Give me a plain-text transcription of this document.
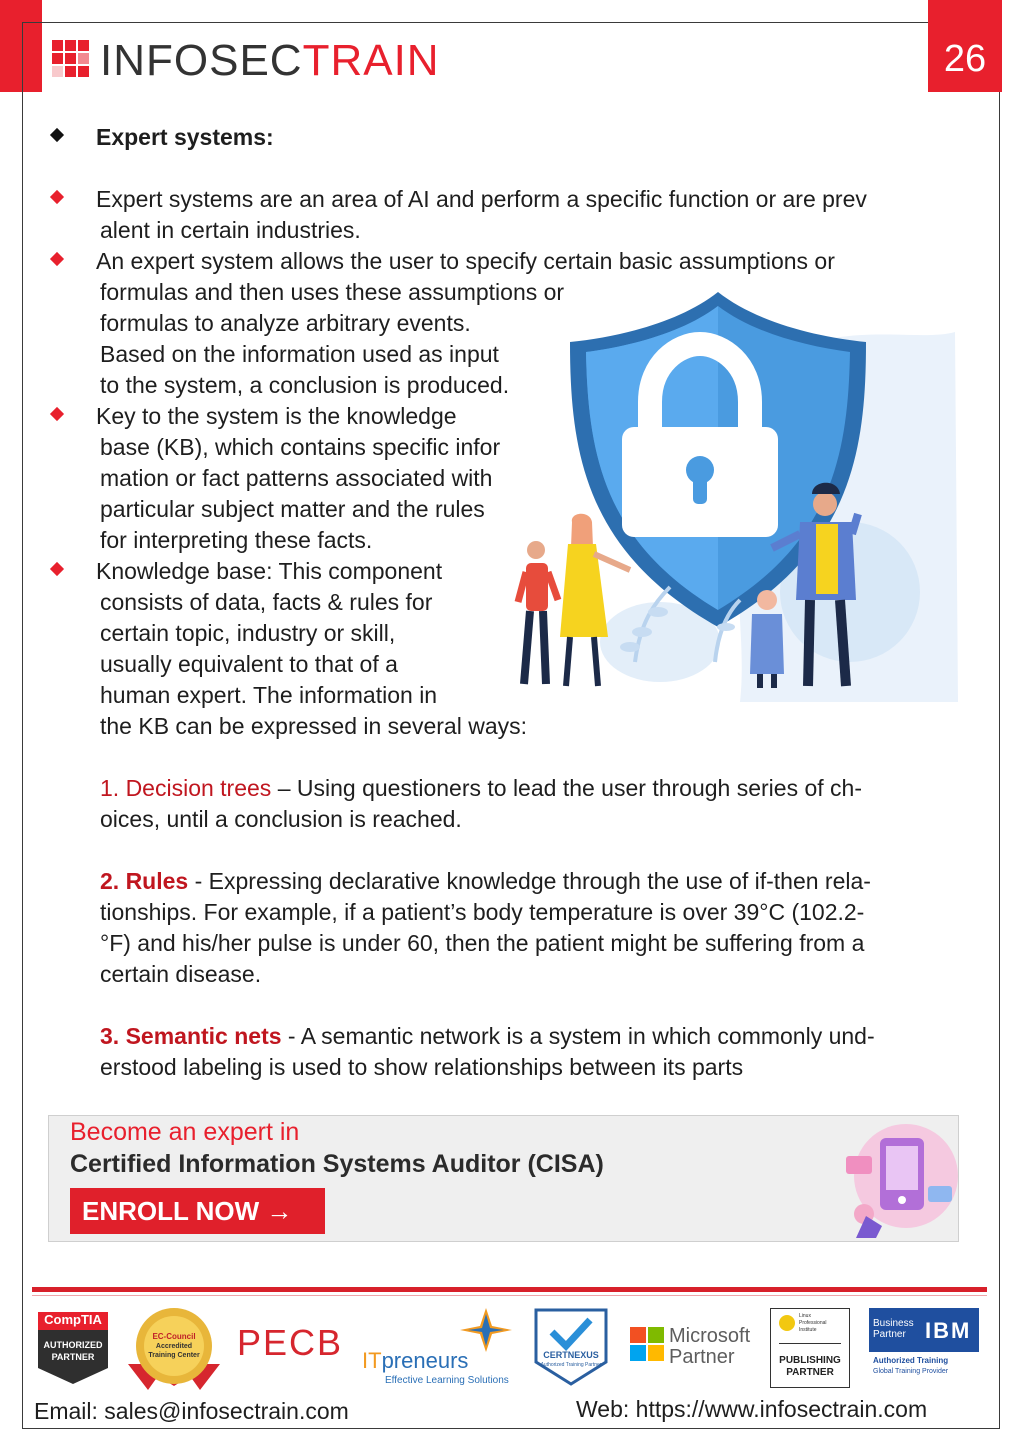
INFOSECTRAIN	26
Expert systems:
Expert systems are an area of AI and perform a specific function or are prev
alent in certain industries.
An expert system allows the user to specify certain basic assumptions or
formulas and then uses these assumptions or
formulas to analyze arbitrary events.
Based on the information used as input
to the system, a conclusion is produced.
Key to the system is the knowledge
base (KB), which contains specific infor
mation or fact patterns associated with
particular subject matter and the rules
for interpreting these facts.
Knowledge base: This component
consists of data, facts & rules for
certain topic, industry or skill,
usually equivalent to that of a
human expert. The information in
the KB can be expressed in several ways:
1. Decision trees – Using questioners to lead the user through series of ch-
oices, until a conclusion is reached.
2. Rules - Expressing declarative knowledge through the use of if-then rela-
tionships. For example, if a patient’s body temperature is over 39°C (102.2-
°F) and his/her pulse is under 60, then the patient might be suffering from a
certain disease.
3. Semantic nets - A semantic network is a system in which commonly und-
erstood labeling is used to show relationships between its parts
Become an expert in
Certified Information Systems Auditor (CISA)
ENROLL NOW →
CompTIA
AUTHORIZED
PARTNER
EC-Council
Accredited
Training Center	PECB ITpreneurs
Effective Learning Solutions
CERTNEXUS
Authorized Training Partner
Microsoft
Partner
Linux
Professional
Institute
PUBLISHING
PARTNER
Business
Partner IBM
Authorized Training
Global Training Provider
Email: sales@infosectrain.com	Web: https://www.infosectrain.com
